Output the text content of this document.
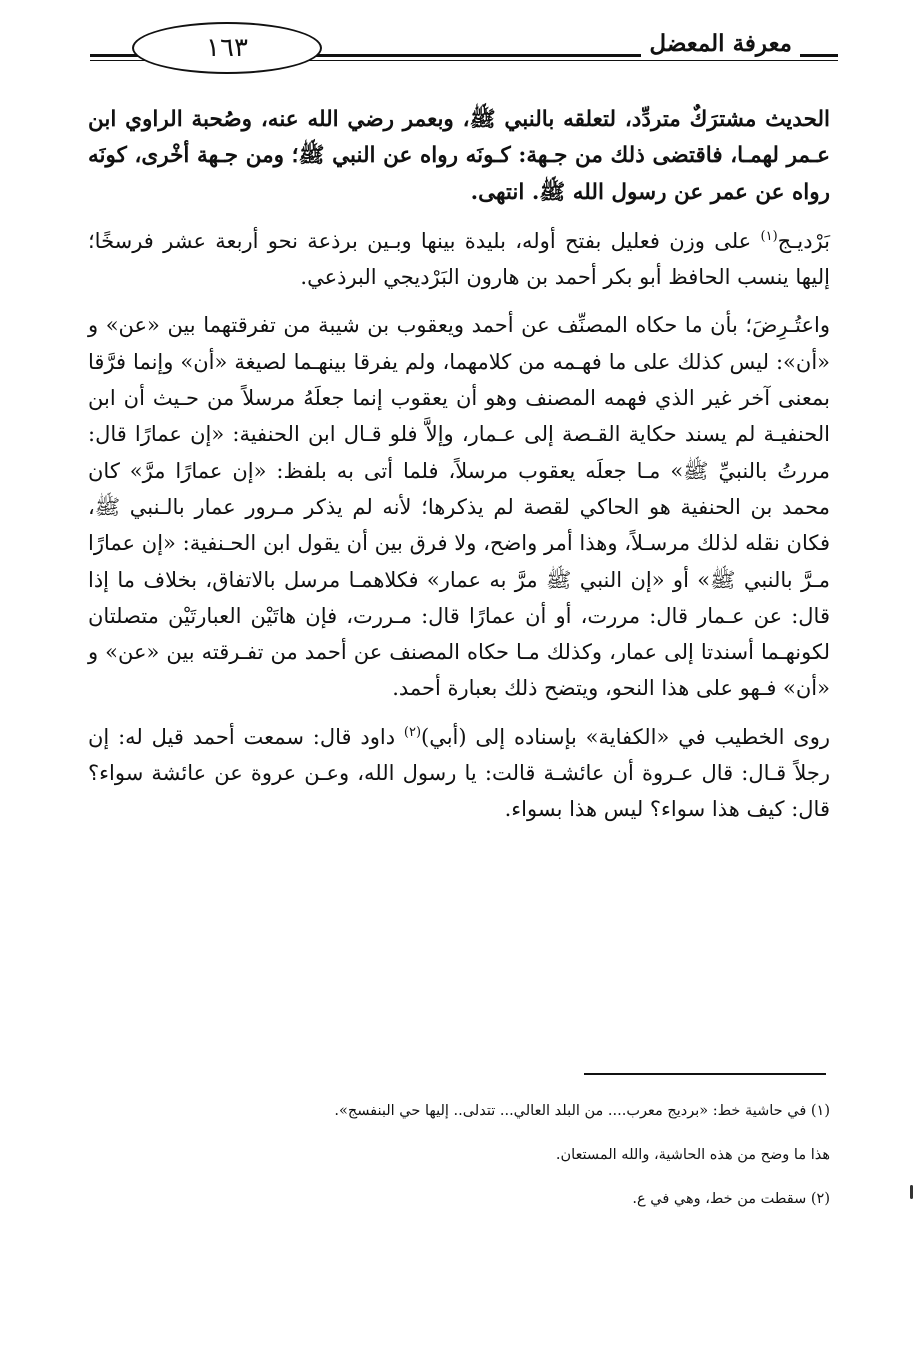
١٦٣	معرفة المعضل

الحديث مشترَكٌ متردِّد، لتعلقه بالنبي ﷺ، وبعمر رضي الله عنه، وصُحبة الراوي ابن عـمر لهمـا، فاقتضى ذلك من جـهة: كـونَه رواه عن النبي ﷺ؛ ومن جـهة أخْرى، كونَه رواه عن عمر عن رسول الله ﷺ. انتهى.

بَرْديـج$^{(١)}$ على وزن فعليل بفتح أوله، بليدة بينها وبـين برذعة نحو أربعة عشر فرسخًا؛ إليها ينسب الحافظ أبو بكر أحمد بن هارون البَرْديجي البرذعي.

واعتُـرِضَ؛ بأن ما حكاه المصنِّف عن أحمد ويعقوب بن شيبة من تفرقتهما بين «عن» و «أن»: ليس كذلك على ما فهـمه من كلامهما، ولم يفرقا بينهـما لصيغة «أن» وإنما فرَّقا بمعنى آخر غير الذي فهمه المصنف وهو أن يعقوب إنما جعلَهُ مرسلاً من حـيث أن ابن الحنفيـة لم يسند حكاية القـصة إلى عـمار، وإلاَّ فلو قـال ابن الحنفية: «إن عمارًا قال: مررتُ بالنبيِّ ﷺ» مـا جعلَه يعقوب مرسلاً، فلما أتى به بلفظ: «إن عمارًا مرَّ» كان محمد بن الحنفية هو الحاكي لقصة لم يذكرها؛ لأنه لم يذكر مـرور عمار بالـنبي ﷺ، فكان نقله لذلك مرسـلاً، وهذا أمر واضح، ولا فرق بين أن يقول ابن الحـنفية: «إن عمارًا مـرَّ بالنبي ﷺ» أو «إن النبي ﷺ مرَّ به عمار» فكلاهمـا مرسل بالاتفاق، بخلاف ما إذا قال: عن عـمار قال: مررت، أو أن عمارًا قال: مـررت، فإن هاتَيْن العبارتَيْن متصلتان لكونهـما أسندتا إلى عمار، وكذلك مـا حكاه المصنف عن أحمد من تفـرقته بين «عن» و «أن» فـهو على هذا النحو، ويتضح ذلك بعبارة أحمد.

روى الخطيب في «الكفاية» بإسناده إلى (أبي)$^{(٢)}$ داود قال: سمعت أحمد قيل له: إن رجلاً قـال: قال عـروة أن عائشـة قالت: يا رسول الله، وعـن عروة عن عائشة سواء؟ قال: كيف هذا سواء؟ ليس هذا بسواء.

(١) في حاشية خط: «برديج معرب.... من البلد العالي... تتدلى.. إليها حي البنفسج».

هذا ما وضح من هذه الحاشية، والله المستعان.

(٢) سقطت من خط، وهي في ع.
